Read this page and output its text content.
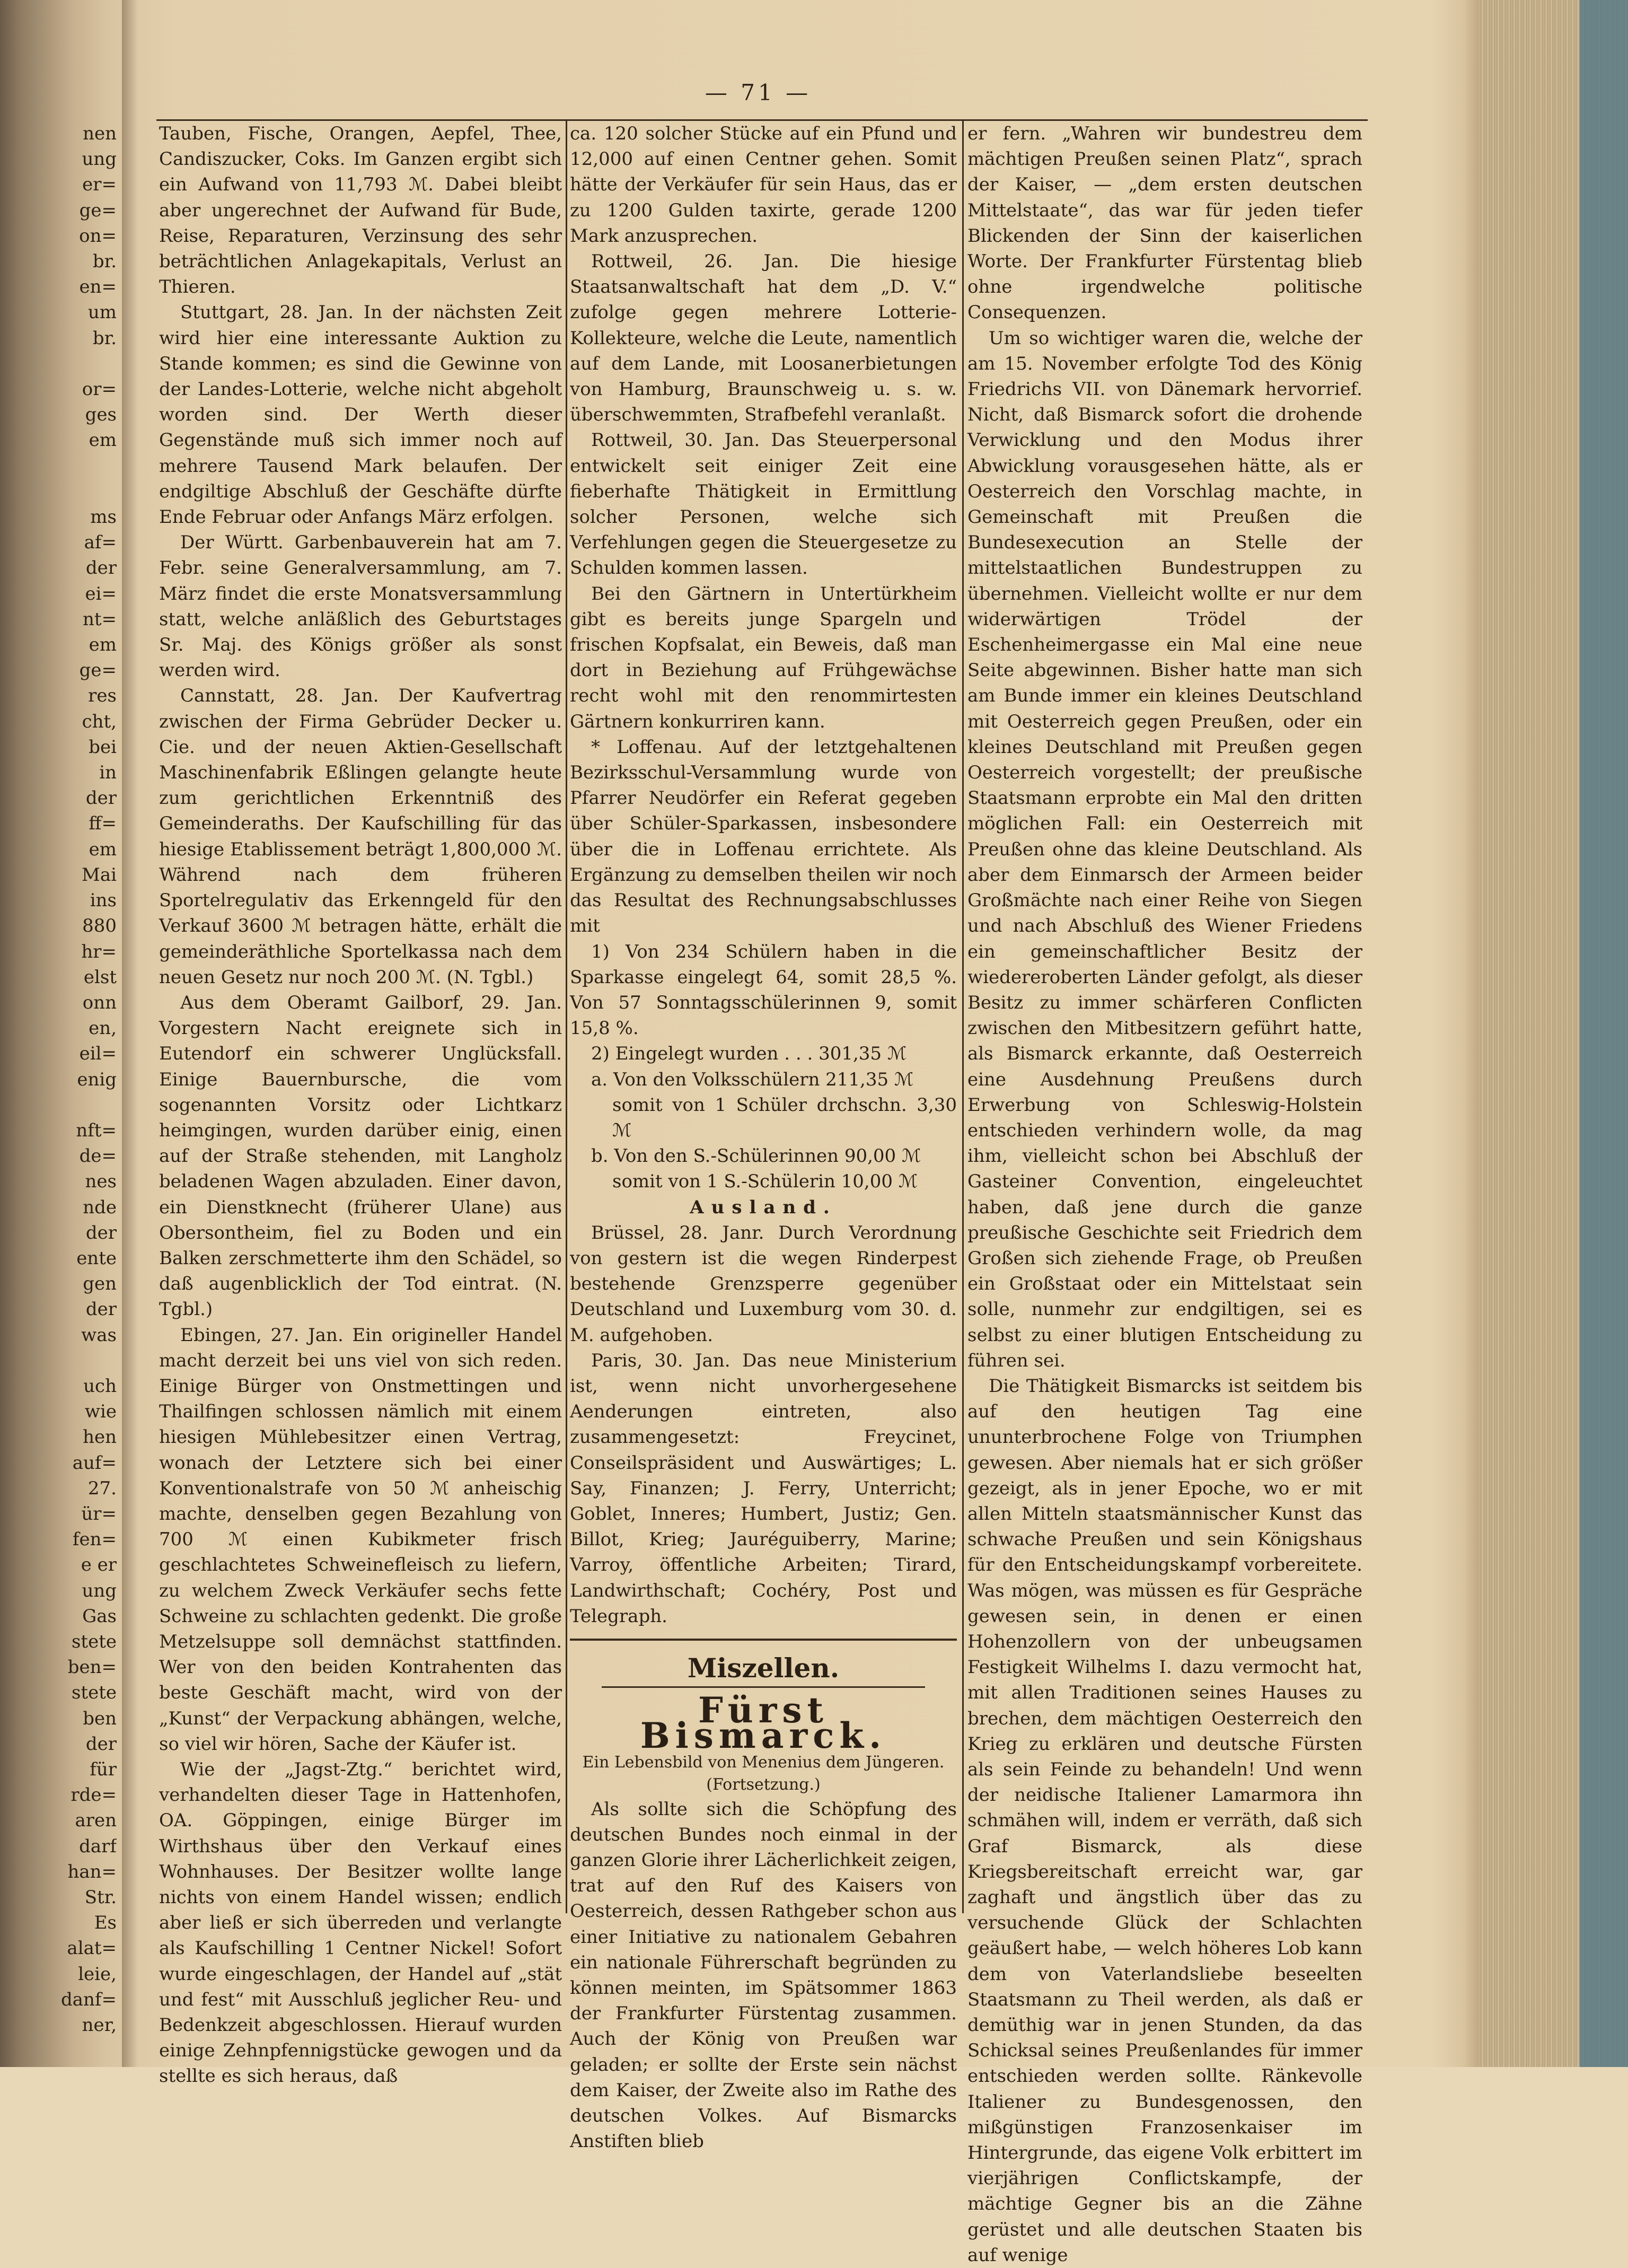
nen
ung
er=
ge=
on=
br.
en=
um
br.

or=
ges
em

ms
af=
der
ei=
nt=
em
ge=
res
cht,
bei
in
der
ff=
em
Mai
ins
880
hr=
elst
onn
en,
eil=
enig

nft=
de=
nes
nde
der
ente
gen
der
was

uch
wie
hen
auf=
27.
ür=
fen=
e er
ung
Gas
stete
ben=
stete
ben
der
für
rde=
aren
darf
han=
Str.
Es
alat=
leie,
danf=
ner,
— 71 —

Tauben, Fische, Orangen, Aepfel, Thee, Candiszucker, Coks. Im Ganzen ergibt sich ein Aufwand von 11,793 ℳ. Dabei bleibt aber ungerechnet der Aufwand für Bude, Reise, Reparaturen, Verzinsung des sehr beträchtlichen Anlagekapitals, Verlust an Thieren.

Stuttgart, 28. Jan. In der nächsten Zeit wird hier eine interessante Auktion zu Stande kommen; es sind die Gewinne von der Landes-Lotterie, welche nicht abgeholt worden sind. Der Werth dieser Gegenstände muß sich immer noch auf mehrere Tausend Mark belaufen. Der endgiltige Abschluß der Geschäfte dürfte Ende Februar oder Anfangs März erfolgen.

Der Württ. Garbenbauverein hat am 7. Febr. seine Generalversammlung, am 7. März findet die erste Monatsversammlung statt, welche anläßlich des Geburtstages Sr. Maj. des Königs größer als sonst werden wird.

Cannstatt, 28. Jan. Der Kaufvertrag zwischen der Firma Gebrüder Decker u. Cie. und der neuen Aktien-Gesellschaft Maschinenfabrik Eßlingen gelangte heute zum gerichtlichen Erkenntniß des Gemeinderaths. Der Kaufschilling für das hiesige Etablissement beträgt 1,800,000 ℳ. Während nach dem früheren Sportelregulativ das Erkenngeld für den Verkauf 3600 ℳ betragen hätte, erhält die gemeinderäthliche Sportelkassa nach dem neuen Gesetz nur noch 200 ℳ. (N. Tgbl.)

Aus dem Oberamt Gailborf, 29. Jan. Vorgestern Nacht ereignete sich in Eutendorf ein schwerer Unglücksfall. Einige Bauernbursche, die vom sogenannten Vorsitz oder Lichtkarz heimgingen, wurden darüber einig, einen auf der Straße stehenden, mit Langholz beladenen Wagen abzuladen. Einer davon, ein Dienstknecht (früherer Ulane) aus Obersontheim, fiel zu Boden und ein Balken zerschmetterte ihm den Schädel, so daß augenblicklich der Tod eintrat. (N. Tgbl.)

Ebingen, 27. Jan. Ein origineller Handel macht derzeit bei uns viel von sich reden. Einige Bürger von Onstmettingen und Thailfingen schlossen nämlich mit einem hiesigen Mühlebesitzer einen Vertrag, wonach der Letztere sich bei einer Konventionalstrafe von 50 ℳ anheischig machte, denselben gegen Bezahlung von 700 ℳ einen Kubikmeter frisch geschlachtetes Schweinefleisch zu liefern, zu welchem Zweck Verkäufer sechs fette Schweine zu schlachten gedenkt. Die große Metzelsuppe soll demnächst stattfinden. Wer von den beiden Kontrahenten das beste Geschäft macht, wird von der „Kunst“ der Verpackung abhängen, welche, so viel wir hören, Sache der Käufer ist.

Wie der „Jagst-Ztg.“ berichtet wird, verhandelten dieser Tage in Hattenhofen, OA. Göppingen, einige Bürger im Wirthshaus über den Verkauf eines Wohnhauses. Der Besitzer wollte lange nichts von einem Handel wissen; endlich aber ließ er sich überreden und verlangte als Kaufschilling 1 Centner Nickel! Sofort wurde eingeschlagen, der Handel auf „stät und fest“ mit Ausschluß jeglicher Reu- und Bedenkzeit abgeschlossen. Hierauf wurden einige Zehnpfennigstücke gewogen und da stellte es sich heraus, daß

ca. 120 solcher Stücke auf ein Pfund und 12,000 auf einen Centner gehen. Somit hätte der Verkäufer für sein Haus, das er zu 1200 Gulden taxirte, gerade 1200 Mark anzusprechen.

Rottweil, 26. Jan. Die hiesige Staatsanwaltschaft hat dem „D. V.“ zufolge gegen mehrere Lotterie-Kollekteure, welche die Leute, namentlich auf dem Lande, mit Loosanerbietungen von Hamburg, Braunschweig u. s. w. überschwemmten, Strafbefehl veranlaßt.

Rottweil, 30. Jan. Das Steuerpersonal entwickelt seit einiger Zeit eine fieberhafte Thätigkeit in Ermittlung solcher Personen, welche sich Verfehlungen gegen die Steuergesetze zu Schulden kommen lassen.

Bei den Gärtnern in Untertürkheim gibt es bereits junge Spargeln und frischen Kopfsalat, ein Beweis, daß man dort in Beziehung auf Frühgewächse recht wohl mit den renommirtesten Gärtnern konkurriren kann.

* Loffenau. Auf der letztgehaltenen Bezirksschul-Versammlung wurde von Pfarrer Neudörfer ein Referat gegeben über Schüler-Sparkassen, insbesondere über die in Loffenau errichtete. Als Ergänzung zu demselben theilen wir noch das Resultat des Rechnungsabschlusses mit

1) Von 234 Schülern haben in die Sparkasse eingelegt 64, somit 28,5 %. Von 57 Sonntagsschülerinnen 9, somit 15,8 %.

2) Eingelegt wurden . . . 301,35 ℳ

a. Von den Volksschülern 211,35 ℳ

somit von 1 Schüler drchschn. 3,30 ℳ

b. Von den S.-Schülerinnen 90,00 ℳ

somit von 1 S.-Schülerin 10,00 ℳ

Ausland.

Brüssel, 28. Janr. Durch Verordnung von gestern ist die wegen Rinderpest bestehende Grenzsperre gegenüber Deutschland und Luxemburg vom 30. d. M. aufgehoben.

Paris, 30. Jan. Das neue Ministerium ist, wenn nicht unvorhergesehene Aenderungen eintreten, also zusammengesetzt: Freycinet, Conseilspräsident und Auswärtiges; L. Say, Finanzen; J. Ferry, Unterricht; Goblet, Inneres; Humbert, Justiz; Gen. Billot, Krieg; Jauréguiberry, Marine; Varroy, öffentliche Arbeiten; Tirard, Landwirthschaft; Cochéry, Post und Telegraph.

Miszellen.
Fürst Bismarck.
Ein Lebensbild von Menenius dem Jüngeren.
(Fortsetzung.)

Als sollte sich die Schöpfung des deutschen Bundes noch einmal in der ganzen Glorie ihrer Lächerlichkeit zeigen, trat auf den Ruf des Kaisers von Oesterreich, dessen Rathgeber schon aus einer Initiative zu nationalem Gebahren ein nationale Führerschaft begründen zu können meinten, im Spätsommer 1863 der Frankfurter Fürstentag zusammen. Auch der König von Preußen war geladen; er sollte der Erste sein nächst dem Kaiser, der Zweite also im Rathe des deutschen Volkes. Auf Bismarcks Anstiften blieb

er fern. „Wahren wir bundestreu dem mächtigen Preußen seinen Platz“, sprach der Kaiser, — „dem ersten deutschen Mittelstaate“, das war für jeden tiefer Blickenden der Sinn der kaiserlichen Worte. Der Frankfurter Fürstentag blieb ohne irgendwelche politische Consequenzen.

Um so wichtiger waren die, welche der am 15. November erfolgte Tod des König Friedrichs VII. von Dänemark hervorrief. Nicht, daß Bismarck sofort die drohende Verwicklung und den Modus ihrer Abwicklung vorausgesehen hätte, als er Oesterreich den Vorschlag machte, in Gemeinschaft mit Preußen die Bundesexecution an Stelle der mittelstaatlichen Bundestruppen zu übernehmen. Vielleicht wollte er nur dem widerwärtigen Trödel der Eschenheimergasse ein Mal eine neue Seite abgewinnen. Bisher hatte man sich am Bunde immer ein kleines Deutschland mit Oesterreich gegen Preußen, oder ein kleines Deutschland mit Preußen gegen Oesterreich vorgestellt; der preußische Staatsmann erprobte ein Mal den dritten möglichen Fall: ein Oesterreich mit Preußen ohne das kleine Deutschland. Als aber dem Einmarsch der Armeen beider Großmächte nach einer Reihe von Siegen und nach Abschluß des Wiener Friedens ein gemeinschaftlicher Besitz der wiedereroberten Länder gefolgt, als dieser Besitz zu immer schärferen Conflicten zwischen den Mitbesitzern geführt hatte, als Bismarck erkannte, daß Oesterreich eine Ausdehnung Preußens durch Erwerbung von Schleswig-Holstein entschieden verhindern wolle, da mag ihm, vielleicht schon bei Abschluß der Gasteiner Convention, eingeleuchtet haben, daß jene durch die ganze preußische Geschichte seit Friedrich dem Großen sich ziehende Frage, ob Preußen ein Großstaat oder ein Mittelstaat sein solle, nunmehr zur endgiltigen, sei es selbst zu einer blutigen Entscheidung zu führen sei.

Die Thätigkeit Bismarcks ist seitdem bis auf den heutigen Tag eine ununterbrochene Folge von Triumphen gewesen. Aber niemals hat er sich größer gezeigt, als in jener Epoche, wo er mit allen Mitteln staatsmännischer Kunst das schwache Preußen und sein Königshaus für den Entscheidungskampf vorbereitete. Was mögen, was müssen es für Gespräche gewesen sein, in denen er einen Hohenzollern von der unbeugsamen Festigkeit Wilhelms I. dazu vermocht hat, mit allen Traditionen seines Hauses zu brechen, dem mächtigen Oesterreich den Krieg zu erklären und deutsche Fürsten als sein Feinde zu behandeln! Und wenn der neidische Italiener Lamarmora ihn schmähen will, indem er verräth, daß sich Graf Bismarck, als diese Kriegsbereitschaft erreicht war, gar zaghaft und ängstlich über das zu versuchende Glück der Schlachten geäußert habe, — welch höheres Lob kann dem von Vaterlandsliebe beseelten Staatsmann zu Theil werden, als daß er demüthig war in jenen Stunden, da das Schicksal seines Preußenlandes für immer entschieden werden sollte. Ränkevolle Italiener zu Bundesgenossen, den mißgünstigen Franzosenkaiser im Hintergrunde, das eigene Volk erbittert im vierjährigen Conflictskampfe, der mächtige Gegner bis an die Zähne gerüstet und alle deutschen Staaten bis auf wenige
